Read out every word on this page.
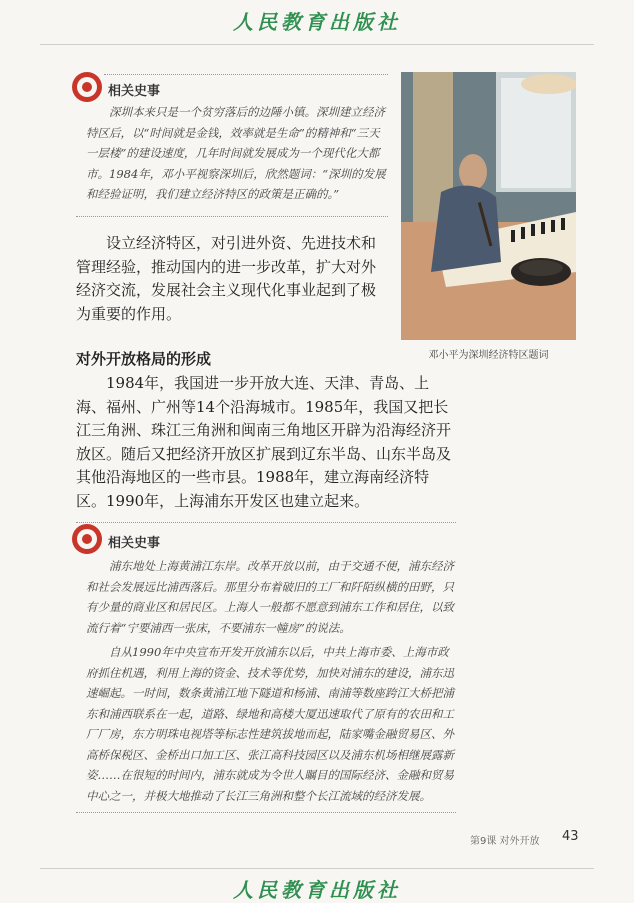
人民教育出版社
相关史事

深圳本来只是一个贫穷落后的边陲小镇。深圳建立经济特区后，以“时间就是金钱，效率就是生命”的精神和“三天一层楼”的建设速度，几年时间就发展成为一个现代化大都市。1984年，邓小平视察深圳后，欣然题词：“深圳的发展和经验证明，我们建立经济特区的政策是正确的。”

设立经济特区，对引进外资、先进技术和管理经验，推动国内的进一步改革，扩大对外经济交流，发展社会主义现代化事业起到了极为重要的作用。

邓小平为深圳经济特区题词
对外开放格局的形成

1984年，我国进一步开放大连、天津、青岛、上海、福州、广州等14个沿海城市。1985年，我国又把长江三角洲、珠江三角洲和闽南三角地区开辟为沿海经济开放区。随后又把经济开放区扩展到辽东半岛、山东半岛及其他沿海地区的一些市县。1988年，建立海南经济特区。1990年，上海浦东开发区也建立起来。

相关史事

浦东地处上海黄浦江东岸。改革开放以前，由于交通不便，浦东经济和社会发展远比浦西落后。那里分布着破旧的工厂和阡陌纵横的田野，只有少量的商业区和居民区。上海人一般都不愿意到浦东工作和居住，以致流行着“宁要浦西一张床，不要浦东一幢房”的说法。

自从1990年中央宣布开发开放浦东以后，中共上海市委、上海市政府抓住机遇，利用上海的资金、技术等优势，加快对浦东的建设，浦东迅速崛起。一时间，数条黄浦江地下隧道和杨浦、南浦等数座跨江大桥把浦东和浦西联系在一起，道路、绿地和高楼大厦迅速取代了原有的农田和工厂厂房，东方明珠电视塔等标志性建筑拔地而起，陆家嘴金融贸易区、外高桥保税区、金桥出口加工区、张江高科技园区以及浦东机场相继展露新姿……在很短的时间内，浦东就成为令世人瞩目的国际经济、金融和贸易中心之一，并极大地推动了长江三角洲和整个长江流域的经济发展。

第9课 对外开放 43
人民教育出版社
